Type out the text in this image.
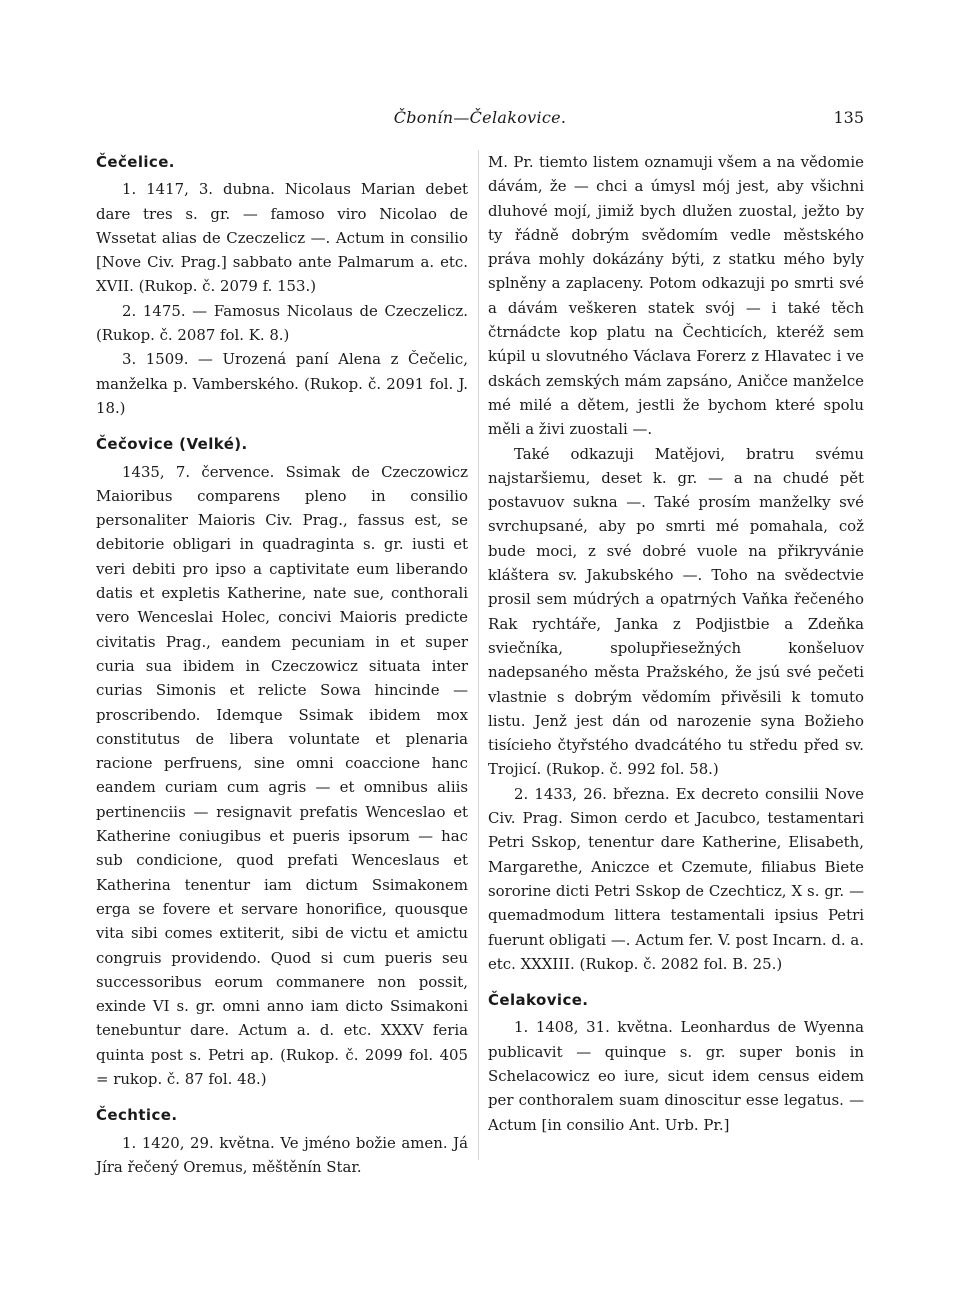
Čbonín—Čelakovice.	135
Čečelice.

1. 1417, 3. dubna. Nicolaus Marian debet dare tres s. gr. — famoso viro Nicolao de Wssetat alias de Czeczelicz —. Actum in consilio [Nove Civ. Prag.] sabbato ante Palmarum a. etc. XVII. (Rukop. č. 2079 f. 153.)

2. 1475. — Famosus Nicolaus de Czeczelicz. (Rukop. č. 2087 fol. K. 8.)

3. 1509. — Urozená paní Alena z Čečelic, manželka p. Vamberského. (Rukop. č. 2091 fol. J. 18.)

Čečovice (Velké).

1435, 7. července. Ssimak de Czeczowicz Maioribus comparens pleno in consilio personaliter Maioris Civ. Prag., fassus est, se debitorie obligari in quadraginta s. gr. iusti et veri debiti pro ipso a captivitate eum liberando datis et expletis Katherine, nate sue, conthorali vero Wenceslai Holec, concivi Maioris predicte civitatis Prag., eandem pecuniam in et super curia sua ibidem in Czeczowicz situata inter curias Simonis et relicte Sowa hincinde — proscribendo. Idemque Ssimak ibidem mox constitutus de libera voluntate et plenaria racione perfruens, sine omni coaccione hanc eandem curiam cum agris — et omnibus aliis pertinenciis — resignavit prefatis Wenceslao et Katherine coniugibus et pueris ipsorum — hac sub condicione, quod prefati Wenceslaus et Katherina tenentur iam dictum Ssimakonem erga se fovere et servare honorifice, quousque vita sibi comes extiterit, sibi de victu et amictu congruis providendo. Quod si cum pueris seu successoribus eorum commanere non possit, exinde VI s. gr. omni anno iam dicto Ssimakoni tenebuntur dare. Actum a. d. etc. XXXV feria quinta post s. Petri ap. (Rukop. č. 2099 fol. 405 = rukop. č. 87 fol. 48.)

Čechtice.

1. 1420, 29. května. Ve jméno božie amen. Já Jíra řečený Oremus, měštěnín Star.

M. Pr. tiemto listem oznamuji všem a na vědomie dávám, že — chci a úmysl mój jest, aby všichni dluhové mojí, jimiž bych dlužen zuostal, ježto by ty řádně dobrým svědomím vedle městského práva mohly dokázány býti, z statku mého byly splněny a zaplaceny. Potom odkazuji po smrti své a dávám veškeren statek svój — i také těch čtrnádcte kop platu na Čechticích, kteréž sem kúpil u slovutného Václava Forerz z Hlavatec i ve dskách zemských mám zapsáno, Aničce manželce mé milé a dětem, jestli že bychom které spolu měli a živi zuostali —.

Také odkazuji Matějovi, bratru svému najstaršiemu, deset k. gr. — a na chudé pět postavuov sukna —. Také prosím manželky své svrchupsané, aby po smrti mé pomahala, což bude moci, z své dobré vuole na přikryvánie kláštera sv. Jakubského —. Toho na svědectvie prosil sem múdrých a opatrných Vaňka řečeného Rak rychtáře, Janka z Podjistbie a Zdeňka sviečníka, spolupřiesežných konšeluov nadepsaného města Pražského, že jsú své pečeti vlastnie s dobrým vědomím přivěsili k tomuto listu. Jenž jest dán od narozenie syna Božieho tisícieho čtyřstého dvadcátého tu středu před sv. Trojicí. (Rukop. č. 992 fol. 58.)

2. 1433, 26. března. Ex decreto consilii Nove Civ. Prag. Simon cerdo et Jacubco, testamentari Petri Sskop, tenentur dare Katherine, Elisabeth, Margarethe, Aniczce et Czemute, filiabus Biete sororine dicti Petri Sskop de Czechticz, X s. gr. — quemadmodum littera testamentali ipsius Petri fuerunt obligati —. Actum fer. V. post Incarn. d. a. etc. XXXIII. (Rukop. č. 2082 fol. B. 25.)

Čelakovice.

1. 1408, 31. května. Leonhardus de Wyenna publicavit — quinque s. gr. super bonis in Schelacowicz eo iure, sicut idem census eidem per conthoralem suam dinoscitur esse legatus. — Actum [in consilio Ant. Urb. Pr.]
